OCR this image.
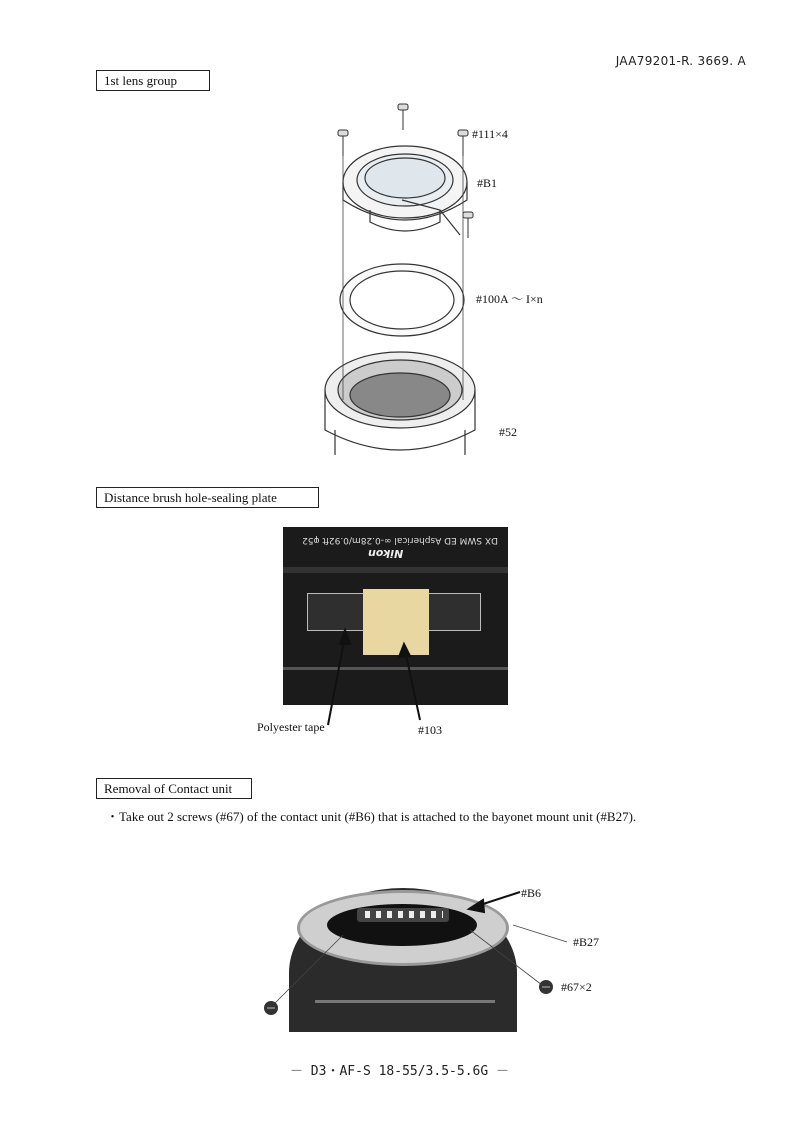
JAA79201-R. 3669. A
1st lens group
#111×4
#B1
#100A ～ I×n
#52
Distance brush hole-sealing plate
DX SWM ED Aspherical ∞-0.28m/0.92ft φ52
Nikon
Polyester tape	#103
Removal of Contact unit
・Take out 2 screws (#67) of the contact unit (#B6) that is attached to the bayonet mount unit (#B27).
#B6
#B27
#67×2
－ D3・AF-S 18-55/3.5-5.6G －
